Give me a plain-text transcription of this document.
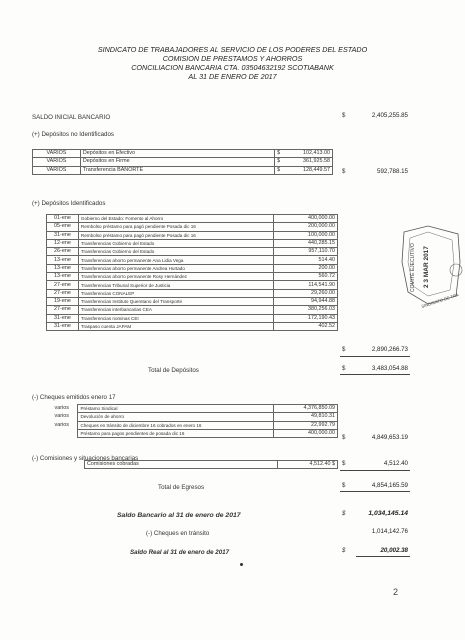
SINDICATO DE TRABAJADORES AL SERVICIO DE LOS PODERES DEL ESTADO
COMISION DE PRESTAMOS Y AHORROS
CONCILIACION BANCARIA CTA. 03504632192 SCOTIABANK
AL 31 DE ENERO DE 2017
SALDO INICIAL BANCARIO	$	2,405,255.85
(+) Depósitos no Identificados
VARIOS	Depósitos en Efectivo	$ 102,413.00

VARIOS	Depósitos en Firme	$ 361,925.58

VARIOS	Transferencia BANORTE	$ 128,449.57 $	592,788.15
(+) Depósitos Identificados
01-ene	Gobierno del Estado: Fomento al Ahorro	400,000.00
05-ene	Rembolso préstamo para pagó pendiente Posada dic 16	200,000.00
31-ene	Rembolso préstamo para pagó pendiente Posada dic 16	100,000.00
12-ene	Transferencias Gobierno del Estado	440,285.15
26-ene	Transferencias Gobierno del Estado	957,110.70
13-ene	Transferencias ahorro permanente Ana Lidia Vega	514.40
13-ene	Transferencias ahorro permanente Andrea Hurtado	200.00
13-ene	Transferencias ahorro permanente Rosy Hernández	560.72
27-ene	Transferencias Tribunal Superior de Justicia	114,541.90
27-ene	Transferencias CONALEP	29,260.00
19-ene	Transferencias Instituto Queretano del Transporte	94,944.88
27-ene	Transferencias interbancarias CEA	380,256.03
31-ene	Transferencias nominas CEI	172,190.43
31-ene	Traspaso cuenta JAPAM	402.52
$	2,890,266.73
Total de Depósitos	$	3,483,054.88
(-) Cheques emitidos enero 17
varios	Préstamo Sindical	4,376,850.09
varios	Devolución de ahorro	49,810.31
varios	Cheques en tránsito de diciembre 16 cobrados en enero 16	22,992.79
	Préstamo para pagos pendientes de posada dic 16	400,000.00
$	4,849,653.19
(-) Comisiones y situaciones bancarias
Comisiones cobradas	4,512.40 $ $	4,512.40
Total de Egresos	$	4,854,165.59
Saldo Bancario al 31 de enero de 2017	$	1,034,145.14
(-) Cheques en tránsito	1,014,142.76
Saldo Real al 31 de enero de 2017	$	20,002.38
COMITÉ EJECUTIVO 2 3 MAR 2017
SINDICATO DE TRA
2
